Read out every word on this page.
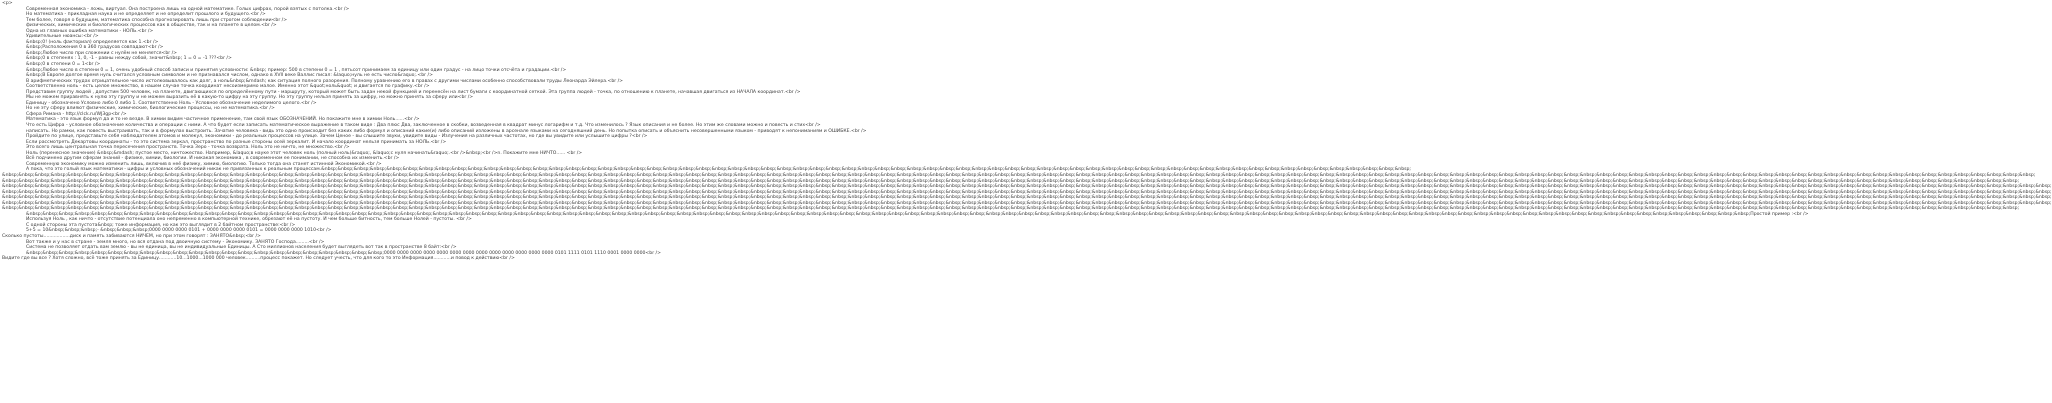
<p>
Современная экономика - ложь, виртуал. Она построена лишь на одной математике. Голых цифрах, порой взятых с потолка.<br />
Но математика - прикладная наука и не определяет и не определит прошлого и будущего.<br />
Тем более, говоря о будущем, математика способна прогнозировать лишь при строгом соблюдении<br />
физических, химических и биологических процессов как в обществе, так и на планете в целом.<br />
Одна из главных ошибка математики - НОЛЬ.<br />
Удивительные нюансы:<br />
&nbsp;0! (ноль факториал) определяется как 1.<br />
&nbsp;Расположения 0 в 360 градусов совпадают<br />
&nbsp;Любое число при сложении с нулём не меняется<br />
&nbsp;0 в степенях : 1, 0, -1 - равны нежду собой, значит&nbsp; 1 = 0 = -1 ???<br />
&nbsp;0 в степени 0 = 1<br />
&nbsp;Любое число в степени 0 = 1, очень удобный способ записи и принятия условности: &nbsp; пример: 500 в степени 0 = 1 , пятьсот принимаем за единицу или один градус - на лицо точки отсчёта и градации.<br />
&nbsp;В Европе долгое время нуль считался условным символом и не признавался числом, однако в XVII веке Валлис писал: &laquo;нуль не есть число&raquo;.<br />
В арифметических трудах отрицательное число истолковывалось как долг, а ноль&nbsp;&mdash; как ситуация полного разорения. Полному уравнению его в правах с другими числами особенно способствовали труды Леонарда Эйлера.<br />
Соответственно ноль - есть целое множество, в нашем случае точка координат несоизмеримо малое. Именно этот &quot;ноль&quot; и двигается по графику.<br />
Представим группу людей , допустим 500 человек, на планете, двигающихся по определённому пути - маршруту, который может быть задан некой функцией и перенесён на лист бумаги с координатной сеткой. Эта группа людей - точка, по отношению к планете, начавшая двигаться из НАЧАЛА координат.<br />
Мы не можем приравнять к нулю эту группу и не можем выразить её в какую-то цифру на эту группу. Но эту группу нельзя принять за цифру, но можно принять за сферу или<br />
Единицу - обозначено Условно либо 0 либо 1. Соответственно Ноль - Условное обозначение неделимого целого.<br />
Но не эту сферу влияют физические, химические, биологические процессы, но не математика.<br />
Сфера Римана - http://clck.ru/WJ3gp<br />
Математика - это язык формул да и то не везде. В химии видим частичное применение, там свой язык ОБОЗНАЧЕНИЙ. Но покажите мне в химии Ноль......<br />
Что есть Цифра - условное обозначение количества и операции с ними. А что будет если записать математическое выражение в таком виде : Два плюс Два, заключенное в скобки, возведенная в квадрат минус логарифм и т.д. Что изменилось ? Язык описания и не более. Но этим же словами можно и повесть и стих<br />
написать. Но рамки, как повесть выстраивать, так и в формулах выстроить. Зачатие человека - видь это одно происходит без каких либо формул и описаний какие(и) либо описаний изложены в арсенале языками на сегодняшний день. Но попытка описать и объяснить несовершенными языком - приводят к непониманиям и ОШИБКЕ.<br />
Пройдите по улице, представьте себя наблюдателем атомов и молекул, экономики - до реальных процессов на улице. Зачем Ценое - вы слышите звуки, увидите виды - Излучения на различных частотах, но где вы увидите или услышите цифры ?<br />
Если рассмотреть Декартовы координаты - то это система зеркал, пространство по разные стороны осей зеркалит. И начало координат нельзя принимать за НОЛЬ.<br />
Это всего лишь центральная точка пересечения пространств. Точка Зеро - точка возврата. Ноль это не ничто, не множество.<br />
Ноль (перенесное значение) &nbsp;&mdash; пустое место, ничтожество. Например, &laquo;в науке этот человек ноль (полный ноль)&raquo;, &laquo;с нуля начинать&raquo;.<br />&nbsp;<br />n. Покажите мне НИЧТО...... <br />
Всё подчинено другим сферам знаний - физике, химии, биологии. И никакая экономика , в современном ее понимании, не способна их изменить.<br />
Современную экономику можно изменить лишь, включив в неё физику, химию, биологию. Только тогда она станет истинной Экономикой.<br />
А пока, что это голый язык математики - цифры и условных обозначений никак не привязанных к реальным процессам.&nbsp;&nbsp;&nbsp;&nbsp;&nbsp;&nbsp;&nbsp;&nbsp;&nbsp;&nbsp;&nbsp;&nbsp;&nbsp;&nbsp;&nbsp;&nbsp;&nbsp;&nbsp;&nbsp;&nbsp;&nbsp;&nbsp;&nbsp;&nbsp;&nbsp;&nbsp;&nbsp;&nbsp;&nbsp;&nbsp;&nbsp;&nbsp;&nbsp;&nbsp;&nbsp;&nbsp;&nbsp;&nbsp;&nbsp;&nbsp;&nbsp;&nbsp;&nbsp;&nbsp;&nbsp;&nbsp;&nbsp;&nbsp;&nbsp;&nbsp;&nbsp;&nbsp;&nbsp;&nbsp;&nbsp;&nbsp;&nbsp;&nbsp;&nbsp;&nbsp;&nbsp;&nbsp;&nbsp;&nbsp;&nbsp;&nbsp;&nbsp;
&nbsp;&nbsp;&nbsp;&nbsp;&nbsp;&nbsp;&nbsp;&nbsp;&nbsp;&nbsp;&nbsp;&nbsp;&nbsp;&nbsp;&nbsp;&nbsp;&nbsp;&nbsp;&nbsp;&nbsp;&nbsp;&nbsp;&nbsp;&nbsp;&nbsp;&nbsp;&nbsp;&nbsp;&nbsp;&nbsp;&nbsp;&nbsp;&nbsp;&nbsp;&nbsp;&nbsp;&nbsp;&nbsp;&nbsp;&nbsp;&nbsp;&nbsp;&nbsp;&nbsp;&nbsp;&nbsp;&nbsp;&nbsp;&nbsp;&nbsp;&nbsp;&nbsp;&nbsp;&nbsp;&nbsp;&nbsp;&nbsp;&nbsp;&nbsp;&nbsp;&nbsp;&nbsp;&nbsp;&nbsp;&nbsp;&nbsp;&nbsp;&nbsp;&nbsp;&nbsp;&nbsp;&nbsp;&nbsp;&nbsp;&nbsp;&nbsp;&nbsp;&nbsp;&nbsp;&nbsp;&nbsp;&nbsp;&nbsp;&nbsp;&nbsp;&nbsp;&nbsp;&nbsp;&nbsp;&nbsp;&nbsp;&nbsp;&nbsp;&nbsp;&nbsp;&nbsp;&nbsp;&nbsp;&nbsp;&nbsp;&nbsp;&nbsp;&nbsp;&nbsp;&nbsp;&nbsp;&nbsp;&nbsp;&nbsp;&nbsp;&nbsp;&nbsp;&nbsp;&nbsp;&nbsp;&nbsp;&nbsp;&nbsp;&nbsp;&nbsp;&nbsp;&nbsp;&nbsp;&nbsp;&nbsp;
&nbsp;&nbsp;&nbsp;&nbsp;&nbsp;&nbsp;&nbsp;&nbsp;&nbsp;&nbsp;&nbsp;&nbsp;&nbsp;&nbsp;&nbsp;&nbsp;&nbsp;&nbsp;&nbsp;&nbsp;&nbsp;&nbsp;&nbsp;&nbsp;&nbsp;&nbsp;&nbsp;&nbsp;&nbsp;&nbsp;&nbsp;&nbsp;&nbsp;&nbsp;&nbsp;&nbsp;&nbsp;&nbsp;&nbsp;&nbsp;&nbsp;&nbsp;&nbsp;&nbsp;&nbsp;&nbsp;&nbsp;&nbsp;&nbsp;&nbsp;&nbsp;&nbsp;&nbsp;&nbsp;&nbsp;&nbsp;&nbsp;&nbsp;&nbsp;&nbsp;&nbsp;&nbsp;&nbsp;&nbsp;&nbsp;&nbsp;&nbsp;&nbsp;&nbsp;&nbsp;&nbsp;&nbsp;&nbsp;&nbsp;&nbsp;&nbsp;&nbsp;&nbsp;&nbsp;&nbsp;&nbsp;&nbsp;&nbsp;&nbsp;&nbsp;&nbsp;&nbsp;&nbsp;&nbsp;&nbsp;&nbsp;&nbsp;&nbsp;&nbsp;&nbsp;&nbsp;&nbsp;&nbsp;&nbsp;&nbsp;&nbsp;&nbsp;&nbsp;&nbsp;&nbsp;&nbsp;&nbsp;&nbsp;&nbsp;&nbsp;&nbsp;&nbsp;&nbsp;&nbsp;&nbsp;&nbsp;&nbsp;&nbsp;&nbsp;&nbsp;&nbsp;&nbsp;&nbsp;&nbsp;
&nbsp;&nbsp;&nbsp;&nbsp;&nbsp;&nbsp;&nbsp;&nbsp;&nbsp;&nbsp;&nbsp;&nbsp;&nbsp;&nbsp;&nbsp;&nbsp;&nbsp;&nbsp;&nbsp;&nbsp;&nbsp;&nbsp;&nbsp;&nbsp;&nbsp;&nbsp;&nbsp;&nbsp;&nbsp;&nbsp;&nbsp;&nbsp;&nbsp;&nbsp;&nbsp;&nbsp;&nbsp;&nbsp;&nbsp;&nbsp;&nbsp;&nbsp;&nbsp;&nbsp;&nbsp;&nbsp;&nbsp;&nbsp;&nbsp;&nbsp;&nbsp;&nbsp;&nbsp;&nbsp;&nbsp;&nbsp;&nbsp;&nbsp;&nbsp;&nbsp;&nbsp;&nbsp;&nbsp;&nbsp;&nbsp;&nbsp;&nbsp;&nbsp;&nbsp;&nbsp;&nbsp;&nbsp;&nbsp;&nbsp;&nbsp;&nbsp;&nbsp;&nbsp;&nbsp;&nbsp;&nbsp;&nbsp;&nbsp;&nbsp;&nbsp;&nbsp;&nbsp;&nbsp;&nbsp;&nbsp;&nbsp;&nbsp;&nbsp;&nbsp;&nbsp;&nbsp;&nbsp;&nbsp;&nbsp;&nbsp;&nbsp;&nbsp;&nbsp;&nbsp;&nbsp;&nbsp;&nbsp;&nbsp;&nbsp;&nbsp;&nbsp;&nbsp;&nbsp;&nbsp;&nbsp;&nbsp;&nbsp;&nbsp;&nbsp;&nbsp;&nbsp;&nbsp;&nbsp;&nbsp;&nbsp;&nbsp;
&nbsp;&nbsp;&nbsp;&nbsp;&nbsp;&nbsp;&nbsp;&nbsp;&nbsp;&nbsp;&nbsp;&nbsp;&nbsp;&nbsp;&nbsp;&nbsp;&nbsp;&nbsp;&nbsp;&nbsp;&nbsp;&nbsp;&nbsp;&nbsp;&nbsp;&nbsp;&nbsp;&nbsp;&nbsp;&nbsp;&nbsp;&nbsp;&nbsp;&nbsp;&nbsp;&nbsp;&nbsp;&nbsp;&nbsp;&nbsp;&nbsp;&nbsp;&nbsp;&nbsp;&nbsp;&nbsp;&nbsp;&nbsp;&nbsp;&nbsp;&nbsp;&nbsp;&nbsp;&nbsp;&nbsp;&nbsp;&nbsp;&nbsp;&nbsp;&nbsp;&nbsp;&nbsp;&nbsp;&nbsp;&nbsp;&nbsp;&nbsp;&nbsp;&nbsp;&nbsp;&nbsp;&nbsp;&nbsp;&nbsp;&nbsp;&nbsp;&nbsp;&nbsp;&nbsp;&nbsp;&nbsp;&nbsp;&nbsp;&nbsp;&nbsp;&nbsp;&nbsp;&nbsp;&nbsp;&nbsp;&nbsp;&nbsp;&nbsp;&nbsp;&nbsp;&nbsp;&nbsp;&nbsp;&nbsp;&nbsp;&nbsp;&nbsp;&nbsp;&nbsp;&nbsp;&nbsp;&nbsp;&nbsp;&nbsp;&nbsp;&nbsp;&nbsp;&nbsp;&nbsp;&nbsp;&nbsp;&nbsp;&nbsp;&nbsp;&nbsp;&nbsp;&nbsp;&nbsp;&nbsp;&nbsp;&nbsp;
&nbsp;&nbsp;&nbsp;&nbsp;&nbsp;&nbsp;&nbsp;&nbsp;&nbsp;&nbsp;&nbsp;&nbsp;&nbsp;&nbsp;&nbsp;&nbsp;&nbsp;&nbsp;&nbsp;&nbsp;&nbsp;&nbsp;&nbsp;&nbsp;&nbsp;&nbsp;&nbsp;&nbsp;&nbsp;&nbsp;&nbsp;&nbsp;&nbsp;&nbsp;&nbsp;&nbsp;&nbsp;&nbsp;&nbsp;&nbsp;&nbsp;&nbsp;&nbsp;&nbsp;&nbsp;&nbsp;&nbsp;&nbsp;&nbsp;&nbsp;&nbsp;&nbsp;&nbsp;&nbsp;&nbsp;&nbsp;&nbsp;&nbsp;&nbsp;&nbsp;&nbsp;&nbsp;&nbsp;&nbsp;&nbsp;&nbsp;&nbsp;&nbsp;&nbsp;&nbsp;&nbsp;&nbsp;&nbsp;&nbsp;&nbsp;&nbsp;&nbsp;&nbsp;&nbsp;&nbsp;&nbsp;&nbsp;&nbsp;&nbsp;&nbsp;&nbsp;&nbsp;&nbsp;&nbsp;&nbsp;&nbsp;&nbsp;&nbsp;&nbsp;&nbsp;&nbsp;&nbsp;&nbsp;&nbsp;&nbsp;&nbsp;&nbsp;&nbsp;&nbsp;&nbsp;&nbsp;&nbsp;&nbsp;&nbsp;&nbsp;&nbsp;&nbsp;&nbsp;&nbsp;&nbsp;&nbsp;&nbsp;&nbsp;&nbsp;&nbsp;&nbsp;&nbsp;&nbsp;&nbsp;&nbsp;&nbsp;
&nbsp;&nbsp;&nbsp;&nbsp;&nbsp;&nbsp;&nbsp;&nbsp;&nbsp;&nbsp;&nbsp;&nbsp;&nbsp;&nbsp;&nbsp;&nbsp;&nbsp;&nbsp;&nbsp;&nbsp;&nbsp;&nbsp;&nbsp;&nbsp;&nbsp;&nbsp;&nbsp;&nbsp;&nbsp;&nbsp;&nbsp;&nbsp;&nbsp;&nbsp;&nbsp;&nbsp;&nbsp;&nbsp;&nbsp;&nbsp;&nbsp;&nbsp;&nbsp;&nbsp;&nbsp;&nbsp;&nbsp;&nbsp;&nbsp;&nbsp;&nbsp;&nbsp;&nbsp;&nbsp;&nbsp;&nbsp;&nbsp;&nbsp;&nbsp;&nbsp;&nbsp;&nbsp;&nbsp;&nbsp;&nbsp;&nbsp;&nbsp;&nbsp;&nbsp;&nbsp;&nbsp;&nbsp;&nbsp;&nbsp;&nbsp;&nbsp;&nbsp;&nbsp;&nbsp;&nbsp;&nbsp;&nbsp;&nbsp;&nbsp;&nbsp;&nbsp;&nbsp;&nbsp;&nbsp;&nbsp;&nbsp;&nbsp;&nbsp;&nbsp;&nbsp;&nbsp;&nbsp;&nbsp;&nbsp;&nbsp;&nbsp;&nbsp;&nbsp;&nbsp;&nbsp;&nbsp;&nbsp;&nbsp;&nbsp;&nbsp;&nbsp;&nbsp;&nbsp;&nbsp;&nbsp;&nbsp;&nbsp;&nbsp;&nbsp;&nbsp;&nbsp;&nbsp;&nbsp;&nbsp;&nbsp;&nbsp;
&nbsp;&nbsp;&nbsp;&nbsp;&nbsp;&nbsp;&nbsp;&nbsp;&nbsp;&nbsp;&nbsp;&nbsp;&nbsp;&nbsp;&nbsp;&nbsp;&nbsp;&nbsp;&nbsp;&nbsp;&nbsp;&nbsp;&nbsp;&nbsp;&nbsp;&nbsp;&nbsp;&nbsp;&nbsp;&nbsp;&nbsp;&nbsp;&nbsp;&nbsp;&nbsp;&nbsp;&nbsp;&nbsp;&nbsp;&nbsp;&nbsp;&nbsp;&nbsp;&nbsp;&nbsp;&nbsp;&nbsp;&nbsp;&nbsp;&nbsp;&nbsp;&nbsp;&nbsp;&nbsp;&nbsp;&nbsp;&nbsp;&nbsp;&nbsp;&nbsp;&nbsp;&nbsp;&nbsp;&nbsp;&nbsp;&nbsp;&nbsp;&nbsp;&nbsp;&nbsp;&nbsp;&nbsp;&nbsp;&nbsp;&nbsp;&nbsp;&nbsp;&nbsp;&nbsp;&nbsp;&nbsp;&nbsp;&nbsp;&nbsp;&nbsp;&nbsp;&nbsp;&nbsp;&nbsp;&nbsp;&nbsp;&nbsp;&nbsp;&nbsp;&nbsp;&nbsp;&nbsp;&nbsp;&nbsp;&nbsp;&nbsp;&nbsp;&nbsp;&nbsp;&nbsp;&nbsp;&nbsp;&nbsp;&nbsp;&nbsp;&nbsp;&nbsp;&nbsp;&nbsp;&nbsp;&nbsp;&nbsp;&nbsp;&nbsp;&nbsp;&nbsp;&nbsp;&nbsp;&nbsp;
&nbsp;&nbsp;&nbsp;&nbsp;&nbsp;&nbsp;&nbsp;&nbsp;&nbsp;&nbsp;&nbsp;&nbsp;&nbsp;&nbsp;&nbsp;&nbsp;&nbsp;&nbsp;&nbsp;&nbsp;&nbsp;&nbsp;&nbsp;&nbsp;&nbsp;&nbsp;&nbsp;&nbsp;&nbsp;&nbsp;&nbsp;&nbsp;&nbsp;&nbsp;&nbsp;&nbsp;&nbsp;&nbsp;&nbsp;&nbsp;&nbsp;&nbsp;&nbsp;&nbsp;&nbsp;&nbsp;&nbsp;&nbsp;&nbsp;&nbsp;&nbsp;&nbsp;&nbsp;&nbsp;&nbsp;&nbsp;&nbsp;&nbsp;&nbsp;&nbsp;&nbsp;&nbsp;&nbsp;&nbsp;&nbsp;&nbsp;&nbsp;&nbsp;&nbsp;&nbsp;&nbsp;&nbsp;&nbsp;&nbsp;&nbsp;&nbsp;&nbsp;&nbsp;&nbsp;&nbsp;&nbsp;&nbsp;&nbsp;&nbsp;&nbsp;&nbsp;&nbsp;&nbsp;&nbsp;&nbsp;&nbsp;&nbsp;&nbsp;&nbsp;&nbsp;&nbsp;&nbsp;&nbsp;&nbsp;&nbsp;&nbsp;&nbsp;&nbsp;&nbsp;&nbsp;&nbsp;Простой пример :<br />
Используя Ноль , как ничто - отсутствие потенциала оно непременно в компьютерной технике, обрезают её на пустоту. И чем больше битность, тем больше Нолей - пустоты. <br />
С одной стороны эта пустота&nbsp; тоже информация, но как это выглядит в 2 байтном пространстве:<br />
5+5 = 10&nbsp;&nbsp;&nbsp;- &nbsp;&nbsp;&nbsp;0000 0000 0000 0101 + 0000 0000 0000 0101 = 0000 0000 0000 1010<br />
Сколько пустоты..................диск и память забиваются НИЧЕМ, но при этом говорят : ЗАНЯТО&nbsp;<br />
Вот также и у нас в стране - земля много, но вся отдана под двоичную систему - Экономику. ЗАНЯТО Господа.........<br />
Система не позволяет отдать вам землю - вы не единица, вы не индивидуальные Единицы. А Сто миллионов населения будет выглядеть вот так в пространстве 8 байт:<br />
&nbsp;&nbsp;&nbsp;&nbsp;&nbsp;&nbsp;&nbsp;&nbsp;&nbsp;&nbsp;&nbsp;&nbsp;&nbsp;&nbsp;&nbsp;&nbsp;&nbsp;&nbsp;&nbsp;&nbsp;&nbsp;&nbsp;0000 0000 0000 0000 0000 0000 0000 0000 0000 0000 0000 0000 0000 0101 1111 0101 1110 0001 0000 0000<br />
Видите где вы все ? Хотя сложно, всё тоже принять за Единицу............10...1000...1000 000 человек..........процесс покажет. Но следует учесть, что для кого то это Информация............и повод к действию<br />
